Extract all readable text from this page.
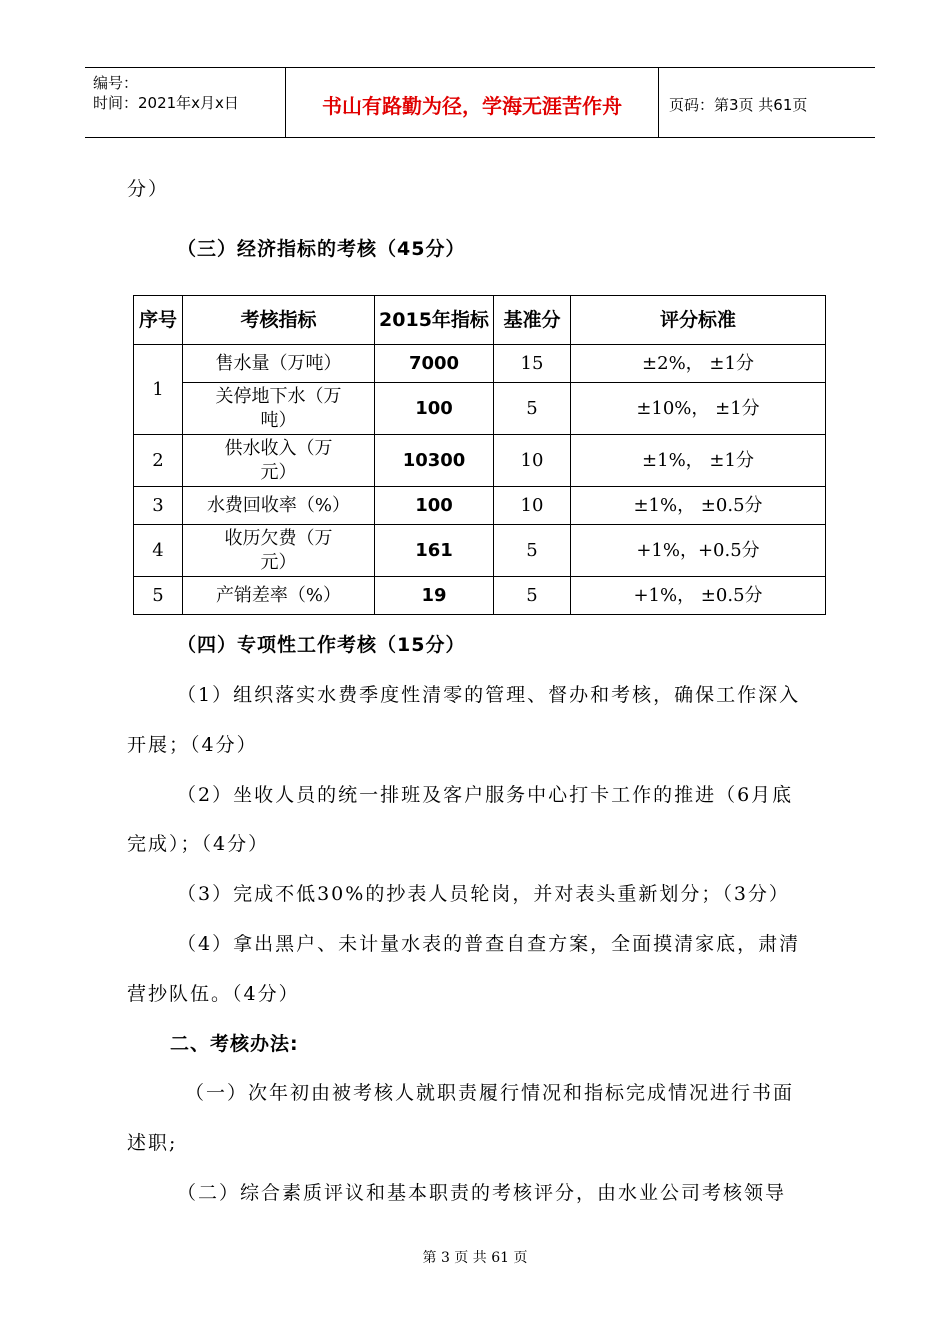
编号：
时间：2021年x月x日	书山有路勤为径，学海无涯苦作舟	页码：第3页 共61页
分）
（三）经济指标的考核（45分）
序号	考核指标	2015年指标	基准分	评分标准
1	售水量（万吨）	7000	15	±2%， ±1分

	关停地下水（万
吨）	100	5	±10%， ±1分
2	供水收入（万
元）	10300	10	±1%， ±1分
3	水费回收率（%）	100	10	±1%， ±0.5分
4	收历欠费（万
元）	161	5	+1%，+0.5分
5	产销差率（%）	19	5	+1%， ±0.5分
（四）专项性工作考核（15分）
（1）组织落实水费季度性清零的管理、督办和考核，确保工作深入
开展；（4分）
（2）坐收人员的统一排班及客户服务中心打卡工作的推进（6月底
完成）；（4分）
（3）完成不低30%的抄表人员轮岗，并对表头重新划分；（3分）
（4）拿出黑户、未计量水表的普查自查方案，全面摸清家底，肃清
营抄队伍。（4分）
二、考核办法:
（一）次年初由被考核人就职责履行情况和指标完成情况进行书面
述职;
（二）综合素质评议和基本职责的考核评分，由水业公司考核领导
第 3 页 共 61 页
